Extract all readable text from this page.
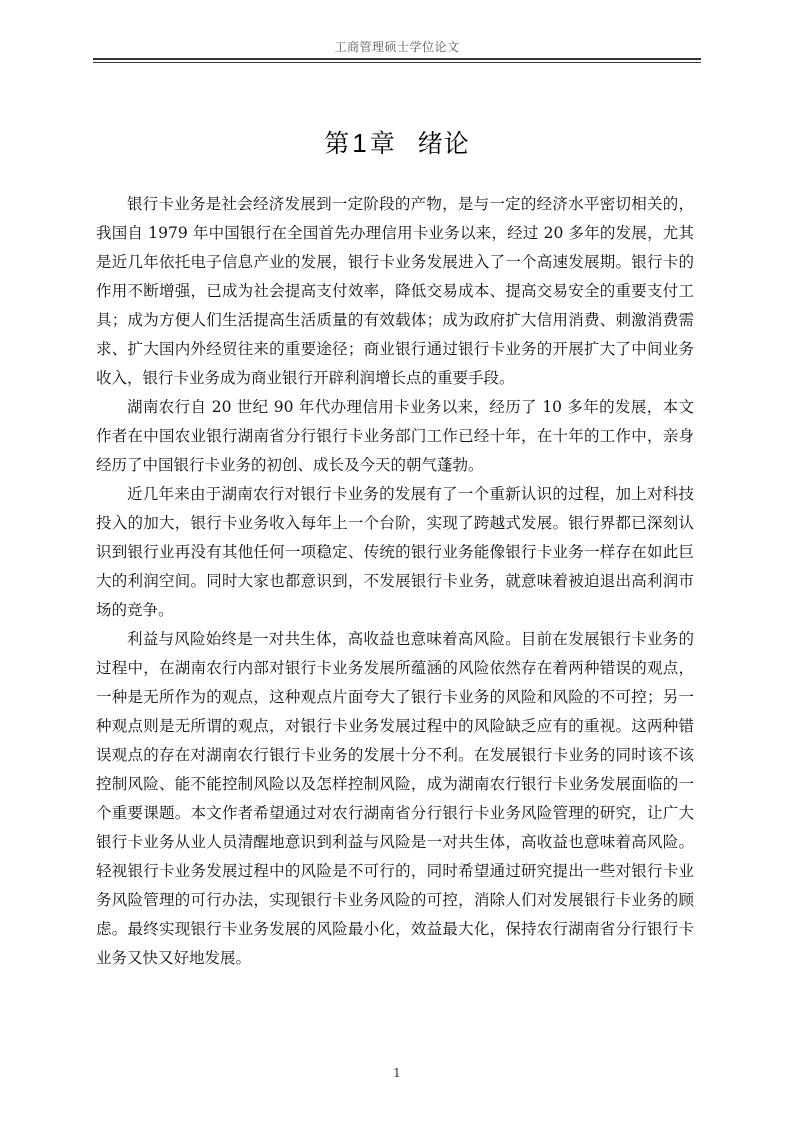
工商管理硕士学位论文
第1章 绪论

银行卡业务是社会经济发展到一定阶段的产物，是与一定的经济水平密切相关的，我国自 1979 年中国银行在全国首先办理信用卡业务以来，经过 20 多年的发展，尤其是近几年依托电子信息产业的发展，银行卡业务发展进入了一个高速发展期。银行卡的作用不断增强，已成为社会提高支付效率，降低交易成本、提高交易安全的重要支付工具；成为方便人们生活提高生活质量的有效载体；成为政府扩大信用消费、刺激消费需求、扩大国内外经贸往来的重要途径；商业银行通过银行卡业务的开展扩大了中间业务收入，银行卡业务成为商业银行开辟利润增长点的重要手段。

湖南农行自 20 世纪 90 年代办理信用卡业务以来，经历了 10 多年的发展，本文作者在中国农业银行湖南省分行银行卡业务部门工作已经十年，在十年的工作中，亲身经历了中国银行卡业务的初创、成长及今天的朝气蓬勃。

近几年来由于湖南农行对银行卡业务的发展有了一个重新认识的过程，加上对科技投入的加大，银行卡业务收入每年上一个台阶，实现了跨越式发展。银行界都已深刻认识到银行业再没有其他任何一项稳定、传统的银行业务能像银行卡业务一样存在如此巨大的利润空间。同时大家也都意识到，不发展银行卡业务，就意味着被迫退出高利润市场的竞争。

利益与风险始终是一对共生体，高收益也意味着高风险。目前在发展银行卡业务的过程中，在湖南农行内部对银行卡业务发展所蕴涵的风险依然存在着两种错误的观点，一种是无所作为的观点，这种观点片面夸大了银行卡业务的风险和风险的不可控；另一种观点则是无所谓的观点，对银行卡业务发展过程中的风险缺乏应有的重视。这两种错误观点的存在对湖南农行银行卡业务的发展十分不利。在发展银行卡业务的同时该不该控制风险、能不能控制风险以及怎样控制风险，成为湖南农行银行卡业务发展面临的一个重要课题。本文作者希望通过对农行湖南省分行银行卡业务风险管理的研究，让广大银行卡业务从业人员清醒地意识到利益与风险是一对共生体，高收益也意味着高风险。轻视银行卡业务发展过程中的风险是不可行的，同时希望通过研究提出一些对银行卡业务风险管理的可行办法，实现银行卡业务风险的可控，消除人们对发展银行卡业务的顾虑。最终实现银行卡业务发展的风险最小化，效益最大化，保持农行湖南省分行银行卡业务又快又好地发展。

1
